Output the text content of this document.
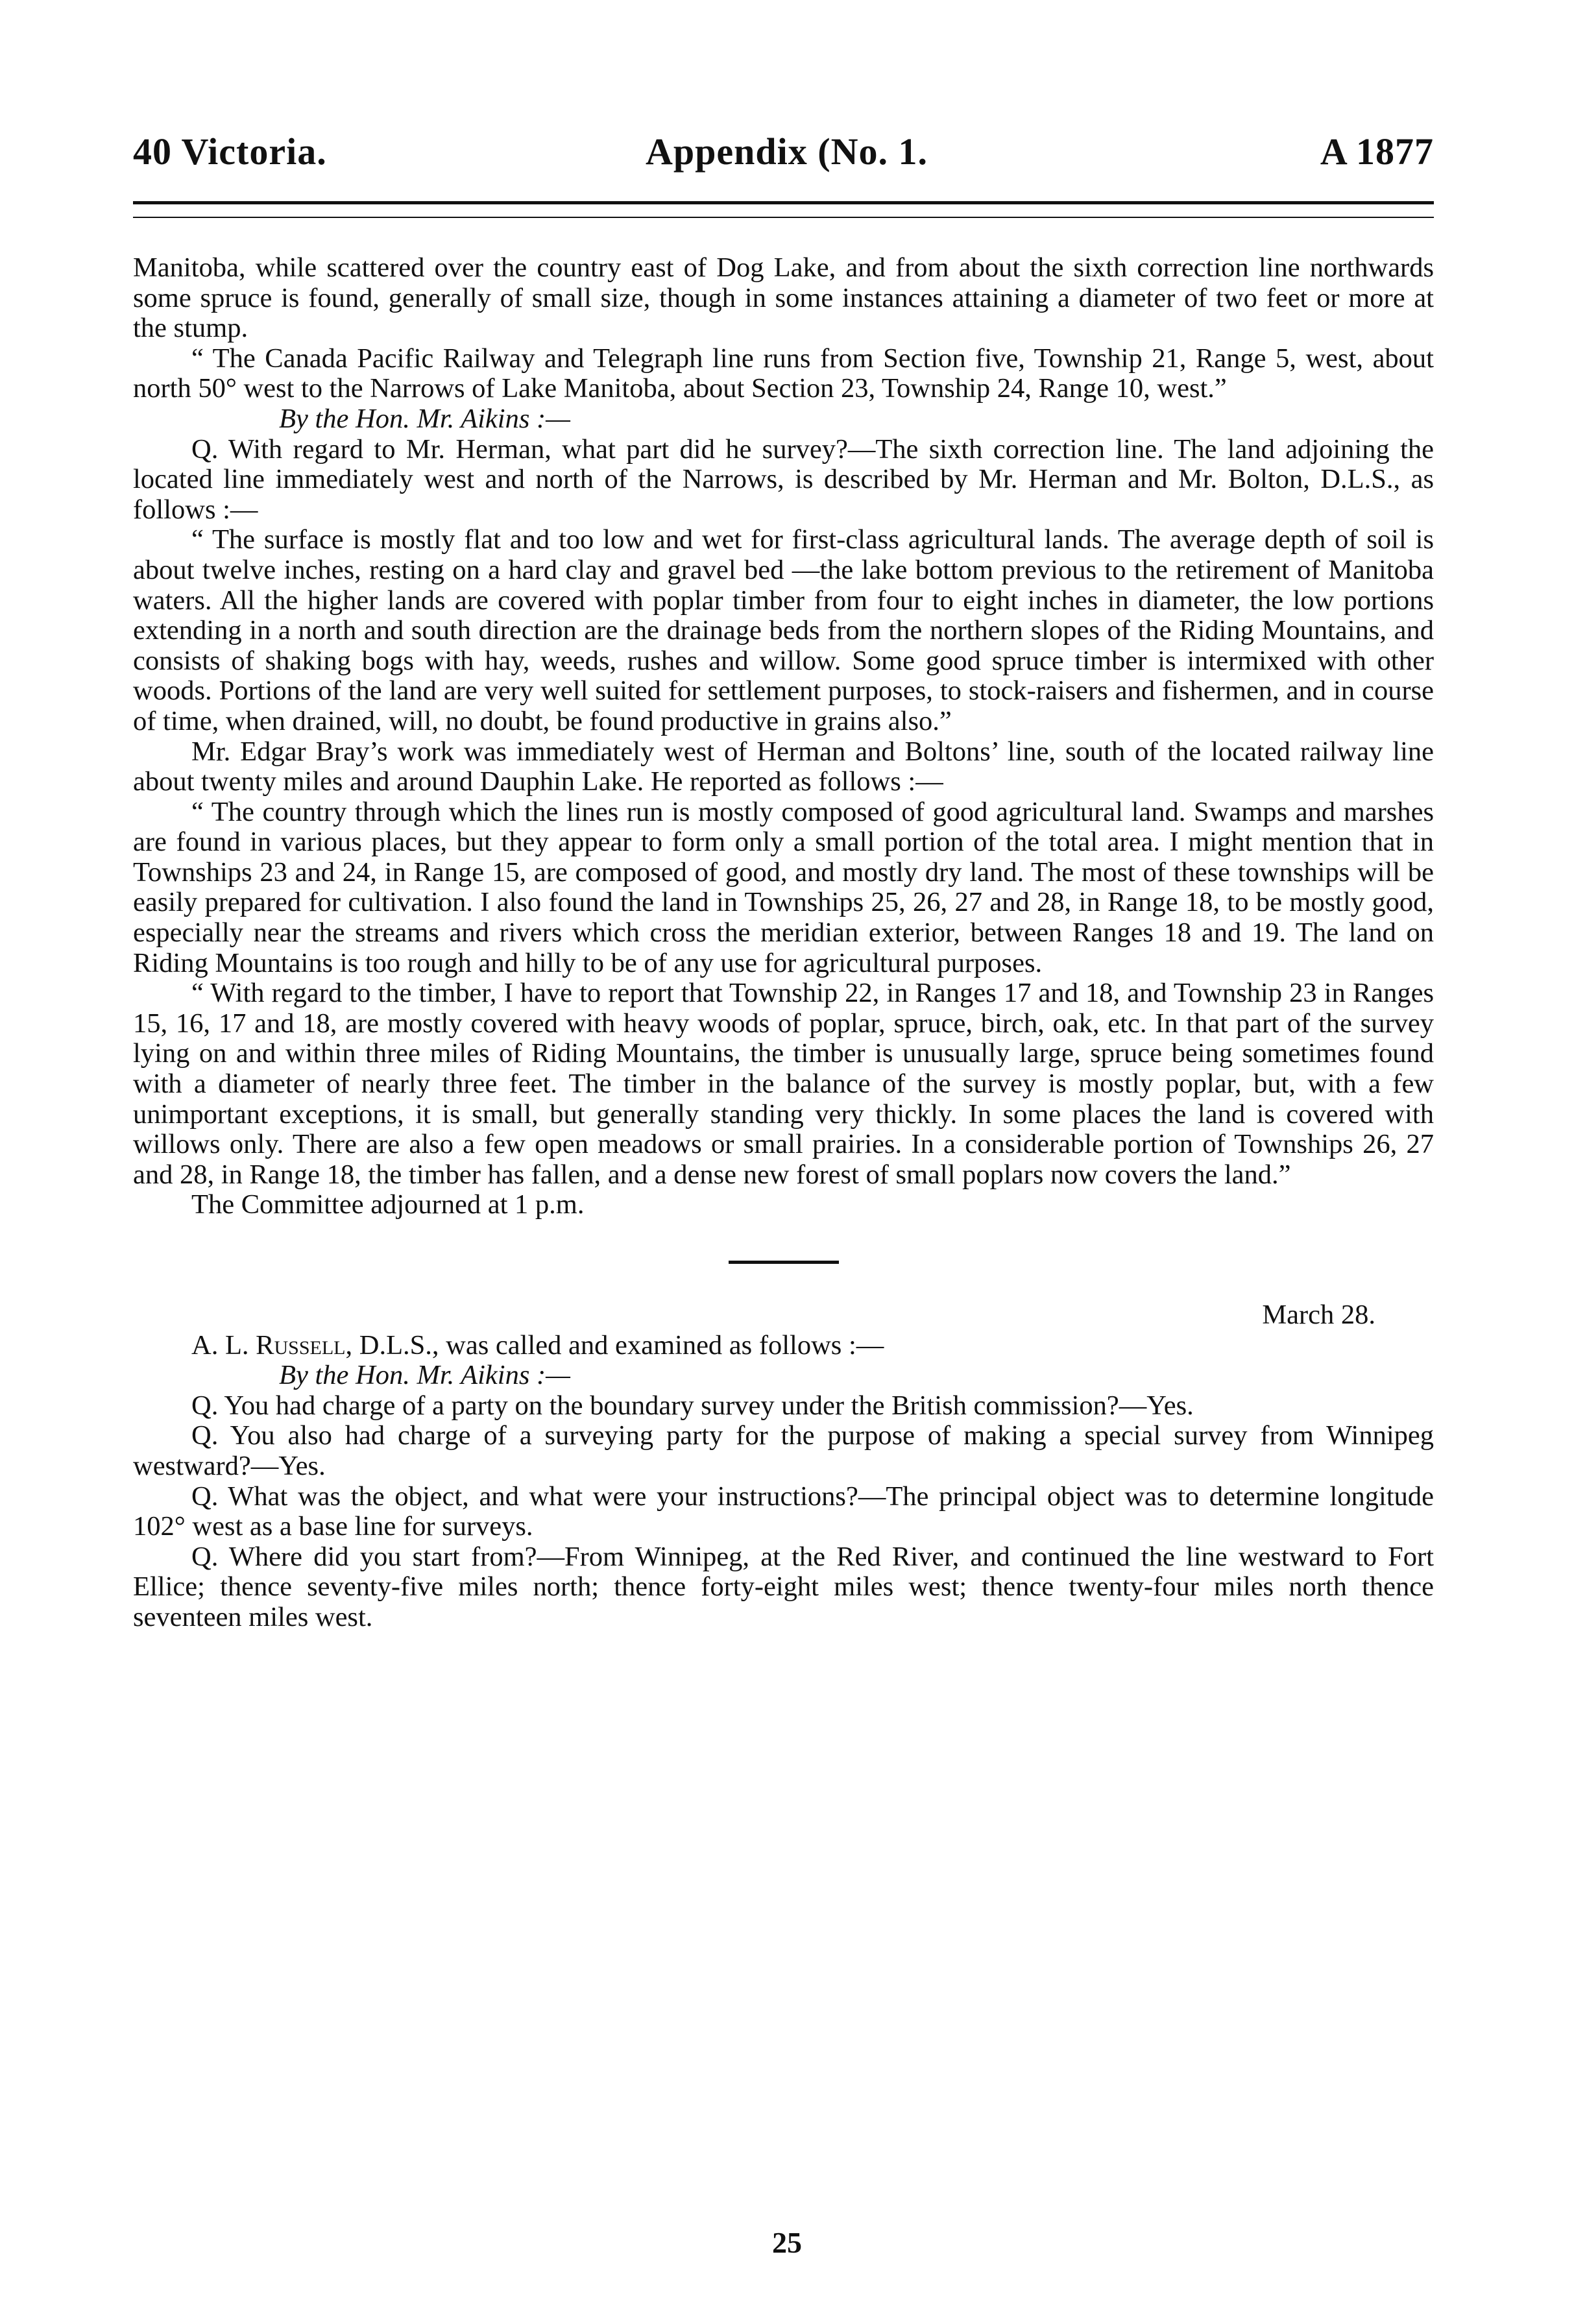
40 Victoria.	Appendix (No. 1.	A 1877

Manitoba, while scattered over the country east of Dog Lake, and from about the sixth correction line northwards some spruce is found, generally of small size, though in some instances attaining a diameter of two feet or more at the stump.

“ The Canada Pacific Railway and Telegraph line runs from Section five, Township 21, Range 5, west, about north 50° west to the Narrows of Lake Manitoba, about Section 23, Township 24, Range 10, west.”

By the Hon. Mr. Aikins :—

Q. With regard to Mr. Herman, what part did he survey?—The sixth correction line. The land adjoining the located line immediately west and north of the Narrows, is described by Mr. Herman and Mr. Bolton, D.L.S., as follows :—

“ The surface is mostly flat and too low and wet for first-class agricultural lands. The average depth of soil is about twelve inches, resting on a hard clay and gravel bed —the lake bottom previous to the retirement of Manitoba waters. All the higher lands are covered with poplar timber from four to eight inches in diameter, the low portions extending in a north and south direction are the drainage beds from the northern slopes of the Riding Mountains, and consists of shaking bogs with hay, weeds, rushes and willow. Some good spruce timber is intermixed with other woods. Portions of the land are very well suited for settlement purposes, to stock-raisers and fishermen, and in course of time, when drained, will, no doubt, be found productive in grains also.”

Mr. Edgar Bray’s work was immediately west of Herman and Boltons’ line, south of the located railway line about twenty miles and around Dauphin Lake. He reported as follows :—

“ The country through which the lines run is mostly composed of good agricultural land. Swamps and marshes are found in various places, but they appear to form only a small portion of the total area. I might mention that in Townships 23 and 24, in Range 15, are composed of good, and mostly dry land. The most of these townships will be easily prepared for cultivation. I also found the land in Townships 25, 26, 27 and 28, in Range 18, to be mostly good, especially near the streams and rivers which cross the meridian exterior, between Ranges 18 and 19. The land on Riding Mountains is too rough and hilly to be of any use for agricultural purposes.

“ With regard to the timber, I have to report that Township 22, in Ranges 17 and 18, and Township 23 in Ranges 15, 16, 17 and 18, are mostly covered with heavy woods of poplar, spruce, birch, oak, etc. In that part of the survey lying on and within three miles of Riding Mountains, the timber is unusually large, spruce being sometimes found with a diameter of nearly three feet. The timber in the balance of the survey is mostly poplar, but, with a few unimportant exceptions, it is small, but generally standing very thickly. In some places the land is covered with willows only. There are also a few open meadows or small prairies. In a considerable portion of Townships 26, 27 and 28, in Range 18, the timber has fallen, and a dense new forest of small poplars now covers the land.”

The Committee adjourned at 1 p.m.

March 28.

A. L. Russell, D.L.S., was called and examined as follows :—

By the Hon. Mr. Aikins :—

Q. You had charge of a party on the boundary survey under the British commission?—Yes.

Q. You also had charge of a surveying party for the purpose of making a special survey from Winnipeg westward?—Yes.

Q. What was the object, and what were your instructions?—The principal object was to determine longitude 102° west as a base line for surveys.

Q. Where did you start from?—From Winnipeg, at the Red River, and continued the line westward to Fort Ellice; thence seventy-five miles north; thence forty-eight miles west; thence twenty-four miles north thence seventeen miles west.

25
